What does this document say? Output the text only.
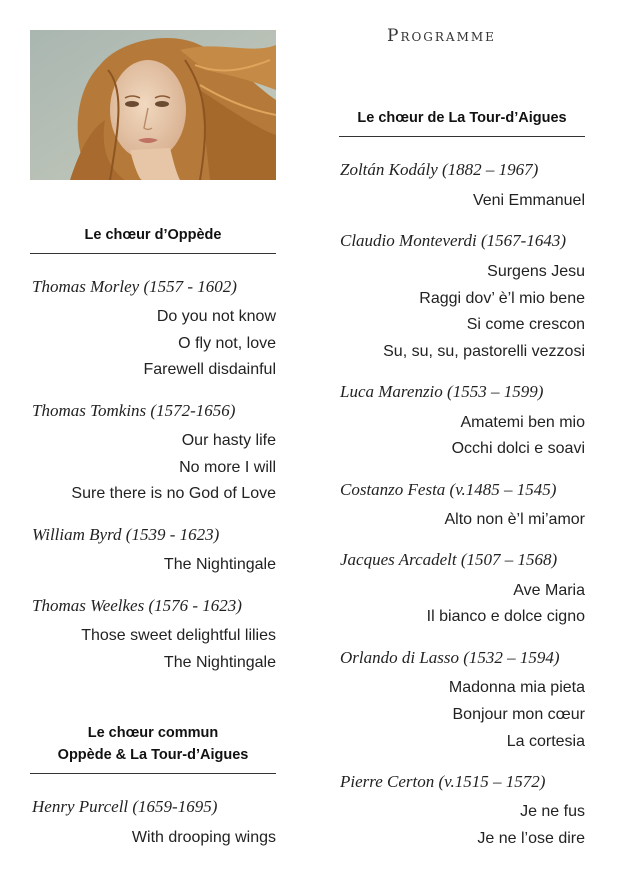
Programme
Le chœur d’Oppède
Thomas Morley (1557 - 1602)
Do you not know
O fly not, love
Farewell disdainful
Thomas Tomkins (1572-1656)
Our hasty life
No more I will
Sure there is no God of Love
William Byrd (1539 - 1623)
The Nightingale
Thomas Weelkes (1576 - 1623)
Those sweet delightful lilies
The Nightingale
Le chœur commun
Oppède & La Tour-d’Aigues
Henry Purcell (1659-1695)
With drooping wings
Le chœur de La Tour-d’Aigues
Zoltán Kodály (1882 – 1967)
Veni Emmanuel
Claudio Monteverdi (1567-1643)
Surgens Jesu
Raggi dov’ è’l mio bene
Si come crescon
Su, su, su, pastorelli vezzosi
Luca Marenzio (1553 – 1599)
Amatemi ben mio
Occhi dolci e soavi
Costanzo Festa (v.1485 – 1545)
Alto non è’l mi’amor
Jacques Arcadelt (1507 – 1568)
Ave Maria
Il bianco e dolce cigno
Orlando di Lasso (1532 – 1594)
Madonna mia pieta
Bonjour mon cœur
La cortesia
Pierre Certon (v.1515 – 1572)
Je ne fus
Je ne l’ose dire
